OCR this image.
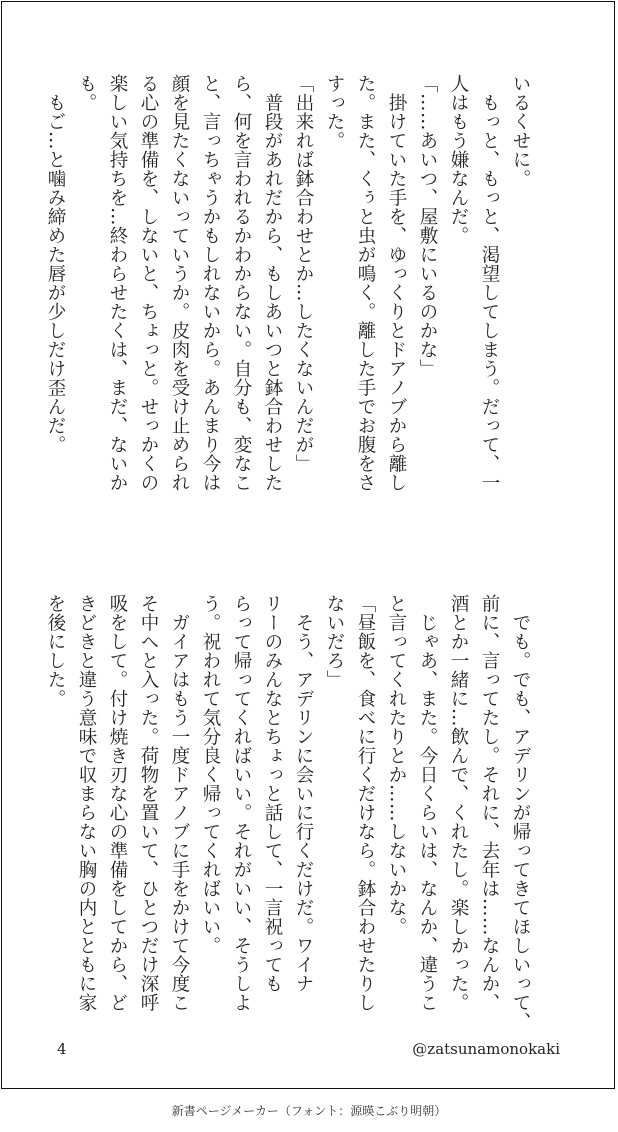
いるくせに。

　もっと、もっと、渇望してしまう。だって、一

人はもう嫌なんだ。

「……あいつ、屋敷にいるのかな」

　掛けていた手を、ゆっくりとドアノブから離し

た。また、くぅと虫が鳴く。離した手でお腹をさ

すった。

「出来れば鉢合わせとか…したくないんだが」

　普段があれだから、もしあいつと鉢合わせした

ら、何を言われるかわからない。自分も、変なこ

と、言っちゃうかもしれないから。あんまり今は

顔を見たくないっていうか。皮肉を受け止められ

る心の準備を、しないと、ちょっと。せっかくの

楽しい気持ちを…終わらせたくは、まだ、ないか

も。

　もご…と噛み締めた唇が少しだけ歪んだ。

　でも。でも、アデリンが帰ってきてほしいって、

前に、言ってたし。それに、去年は……なんか、

酒とか一緒に…飲んで、くれたし。楽しかった。

　じゃあ、また。今日くらいは、なんか、違うこ

と言ってくれたりとか……しないかな。

「昼飯を、食べに行くだけなら。鉢合わせたりし

ないだろ」

　そう、アデリンに会いに行くだけだ。ワイナ

リーのみんなとちょっと話して、一言祝っても

らって帰ってくればいい。それがいい、そうしよ

う。祝われて気分良く帰ってくればいい。

　ガイアはもう一度ドアノブに手をかけて今度こ

そ中へと入った。荷物を置いて、ひとつだけ深呼

吸をして。付け焼き刃な心の準備をしてから、ど

きどきと違う意味で収まらない胸の内とともに家

を後にした。

4	@zatsunamonokaki
新書ページメーカー（フォント：源暎こぶり明朝）
